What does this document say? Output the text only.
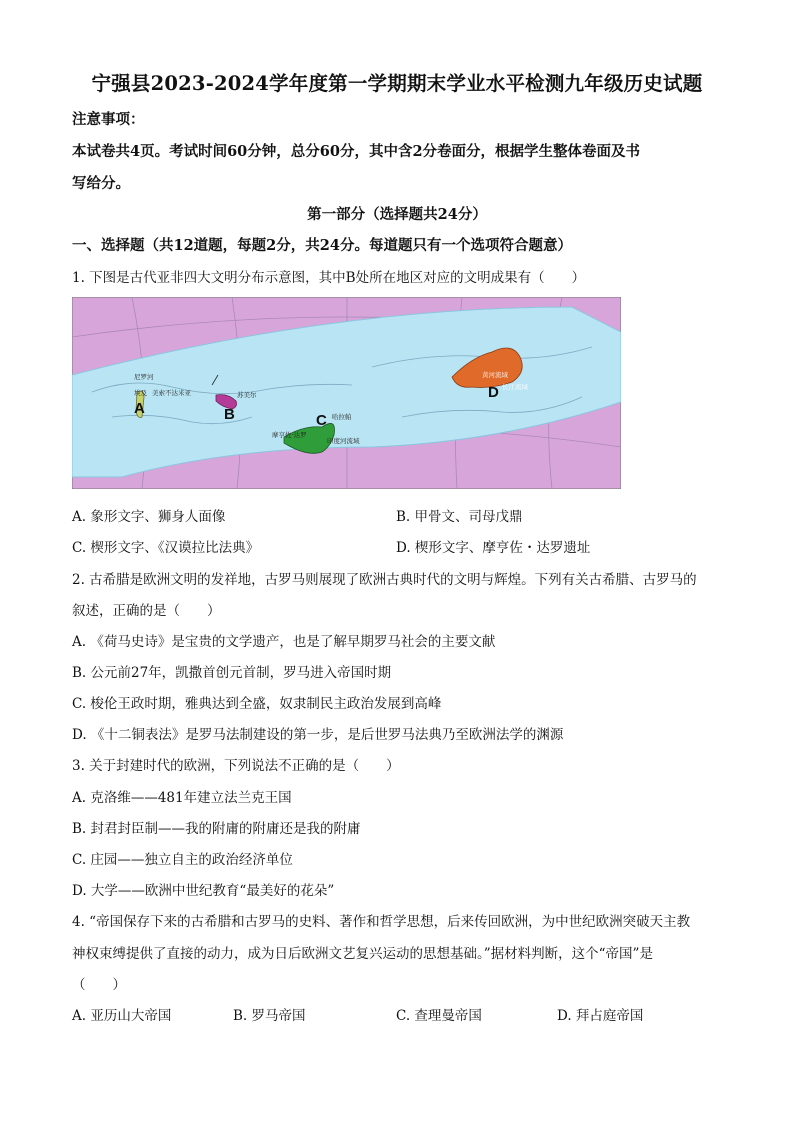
宁强县2023-2024学年度第一学期期末学业水平检测九年级历史试题
注意事项：
本试卷共4页。考试时间60分钟，总分60分，其中含2分卷面分，根据学生整体卷面及书
写给分。
第一部分（选择题共24分）
一、选择题（共12道题，每题2分，共24分。每道题只有一个选项符合题意）
1. 下图是古代亚非四大文明分布示意图，其中B处所在地区对应的文明成果有（　　）
A	B	C
D
尼罗河
埃及 美索不达米亚	苏美尔
哈拉帕
摩亨佐·达罗
印度河流域
黄河流域
长江流域
A. 象形文字、狮身人面像	B. 甲骨文、司母戊鼎
C. 楔形文字、《汉谟拉比法典》	D. 楔形文字、摩亨佐・达罗遗址
2. 古希腊是欧洲文明的发祥地，古罗马则展现了欧洲古典时代的文明与辉煌。下列有关古希腊、古罗马的
叙述，正确的是（　　）
A. 《荷马史诗》是宝贵的文学遗产，也是了解早期罗马社会的主要文献
B. 公元前27年，凯撒首创元首制，罗马进入帝国时期
C. 梭伦王政时期，雅典达到全盛，奴隶制民主政治发展到高峰
D. 《十二铜表法》是罗马法制建设的第一步，是后世罗马法典乃至欧洲法学的渊源
3. 关于封建时代的欧洲，下列说法不正确的是（　　）
A. 克洛维——481年建立法兰克王国
B. 封君封臣制——我的附庸的附庸还是我的附庸
C. 庄园——独立自主的政治经济单位
D. 大学——欧洲中世纪教育“最美好的花朵”
4. “帝国保存下来的古希腊和古罗马的史料、著作和哲学思想，后来传回欧洲，为中世纪欧洲突破天主教
神权束缚提供了直接的动力，成为日后欧洲文艺复兴运动的思想基础。”据材料判断，这个“帝国”是
（　　）
A. 亚历山大帝国	B. 罗马帝国	C. 查理曼帝国	D. 拜占庭帝国
